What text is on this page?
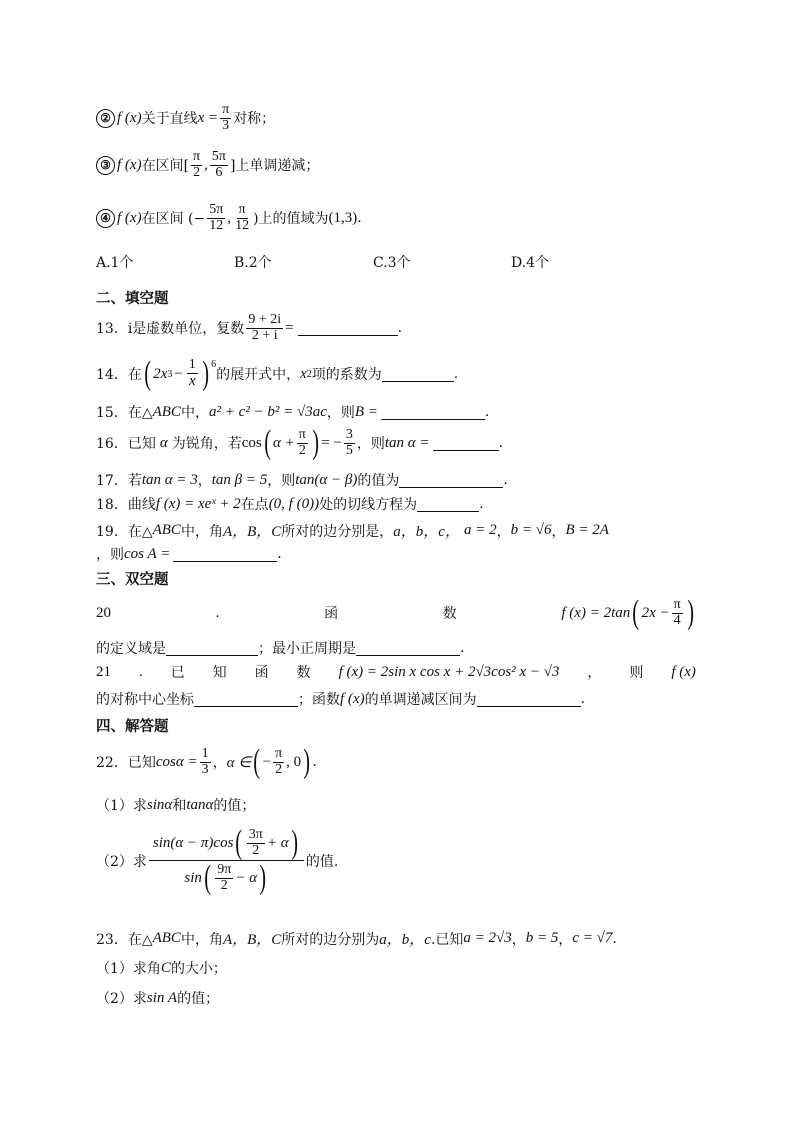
② f (x) 关于直线 $x = \frac{\pi}{3}$ 对称；
③ f (x) 在区间[ $\frac{\pi}{2}$ , $\frac{5\pi}{6}$ ]上单调递减；
④ f (x) 在区间 (− $\frac{5\pi}{12}$ , $\frac{\pi}{12}$ )上的值域为 (1,3) .
A.1个	B.2个	C.3个	D.4个
二、填空题
13． i是虚数单位，复数 $\frac{9 + 2i}{2 + i}$ =	.
14． 在 ( 2x $3 - \frac{1}{x}$ ) 6
的展开式中， x 2 项的系数为	.
15． 在△ ABC 中， a² + c² − b² = √3ac ，则 B =	.
16． 已知 α 为锐角，若 cos ( $\alpha + \frac{\pi}{2}$ ) = − $\frac{3}{5}$ ，则 tan α =	.
17． 若 tan α = 3 ， tan β = 5 ，则 tan(α − β) 的值为	.
18． 曲线 f (x) = xeˣ + 2 在点 (0, f (0)) 处的切线方程为	.
19． 在△ ABC 中，角 A，B，C 所对的边分别是， a，b，c， a = 2 ， b = √6 ， B = 2A
，则 cos A =	.
三、双空题
20	.	函	数	f (x) = 2tan ( $2x - \frac{\pi}{4}$ )
的定义域是	；最小正周期是	.
21 . 已 知 函 数 f (x) = 2sin x cos x + 2√3cos² x − √3 ， 则 f (x)
的对称中心坐标	；函数 f (x) 的单调递减区间为	.
四、解答题
22． 已知 $\cos\alpha = \frac{1}{3}$ ， α ∈ ( − $\frac{\pi}{2}$ , 0 ) .
（1）求 sinα 和 tanα 的值；
（2）求 $\frac{\sin(\alpha - \pi)\cos ( \frac{3\pi}{2} + \alpha )}{\sin ( \frac{9\pi}{2} - \alpha )}$ 的值.
23． 在△ ABC 中，角 A，B，C 所对的边分别为 a，b，c .已知 a = 2√3 ， b = 5 ， c = √7 .
（1）求角 C 的大小；
（2）求 sin A 的值；
